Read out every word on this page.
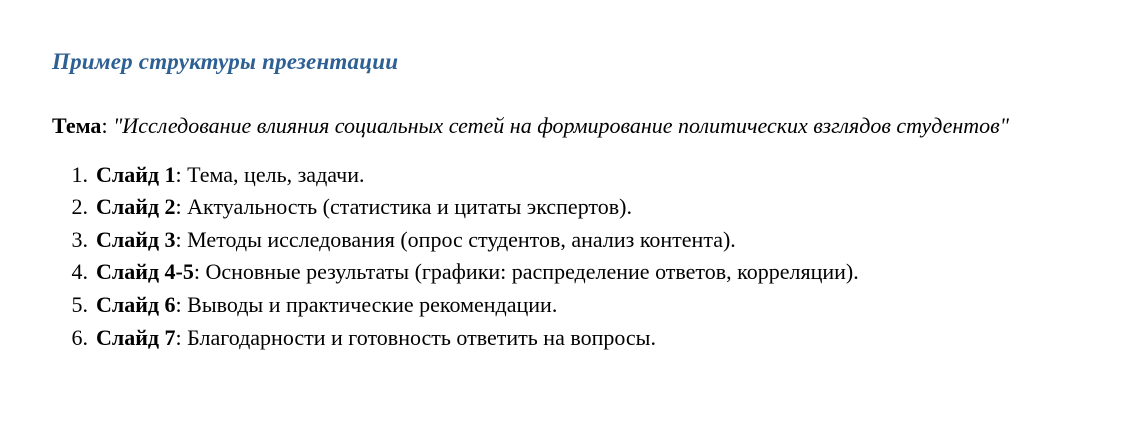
Пример структуры презентации

Тема: "Исследование влияния социальных сетей на формирование политических взглядов студентов"

1. Слайд 1: Тема, цель, задачи.
2. Слайд 2: Актуальность (статистика и цитаты экспертов).
3. Слайд 3: Методы исследования (опрос студентов, анализ контента).
4. Слайд 4-5: Основные результаты (графики: распределение ответов, корреляции).
5. Слайд 6: Выводы и практические рекомендации.
6. Слайд 7: Благодарности и готовность ответить на вопросы.
